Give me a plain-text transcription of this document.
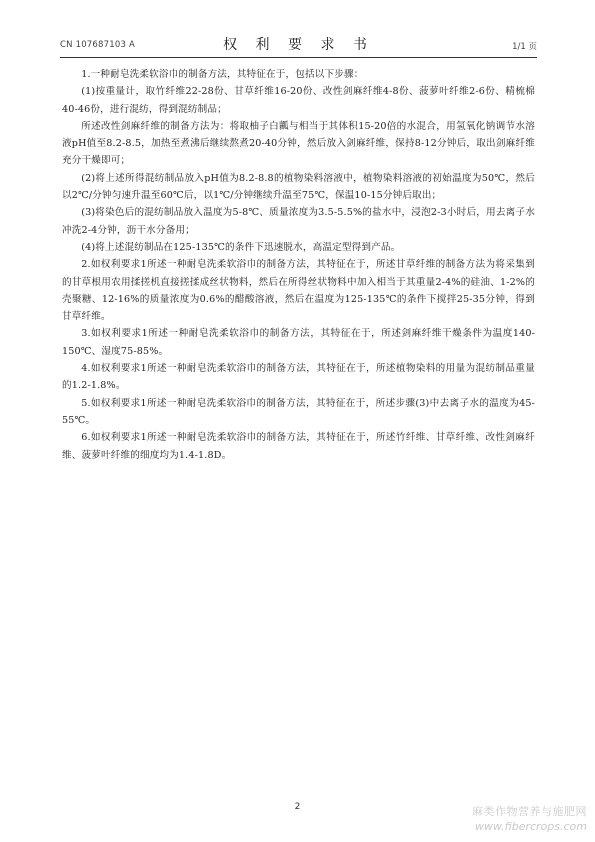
CN 107687103 A	权 利 要 求 书	1/1 页

1.一种耐皂洗柔软浴巾的制备方法，其特征在于，包括以下步骤：

(1)按重量计，取竹纤维22-28份、甘草纤维16-20份、改性剑麻纤维4-8份、菠萝叶纤维2-6份、精梳棉40-46份，进行混纺，得到混纺制品；

所述改性剑麻纤维的制备方法为：将取柚子白瓤与相当于其体积15-20倍的水混合，用氢氧化钠调节水溶液pH值至8.2-8.5，加热至煮沸后继续熬煮20-40分钟，然后放入剑麻纤维，保持8-12分钟后，取出剑麻纤维充分干燥即可；

(2)将上述所得混纺制品放入pH值为8.2-8.8的植物染料溶液中，植物染料溶液的初始温度为50℃，然后以2℃/分钟匀速升温至60℃后，以1℃/分钟继续升温至75℃，保温10-15分钟后取出；

(3)将染色后的混纺制品放入温度为5-8℃、质量浓度为3.5-5.5%的盐水中，浸泡2-3小时后，用去离子水冲洗2-4分钟，沥干水分备用；

(4)将上述混纺制品在125-135℃的条件下迅速脱水，高温定型得到产品。

2.如权利要求1所述一种耐皂洗柔软浴巾的制备方法，其特征在于，所述甘草纤维的制备方法为将采集到的甘草根用农用揉搓机直接搓揉成丝状物料，然后在所得丝状物料中加入相当于其重量2-4%的硅油、1-2%的壳聚糖、12-16%的质量浓度为0.6%的醋酸溶液，然后在温度为125-135℃的条件下搅拌25-35分钟，得到甘草纤维。

3.如权利要求1所述一种耐皂洗柔软浴巾的制备方法，其特征在于，所述剑麻纤维干燥条件为温度140-150℃、湿度75-85%。

4.如权利要求1所述一种耐皂洗柔软浴巾的制备方法，其特征在于，所述植物染料的用量为混纺制品重量的1.2-1.8%。

5.如权利要求1所述一种耐皂洗柔软浴巾的制备方法，其特征在于，所述步骤(3)中去离子水的温度为45-55℃。

6.如权利要求1所述一种耐皂洗柔软浴巾的制备方法，其特征在于，所述竹纤维、甘草纤维、改性剑麻纤维、菠萝叶纤维的细度均为1.4-1.8D。

2	麻类作物营养与施肥网
www.fibercrops.com
